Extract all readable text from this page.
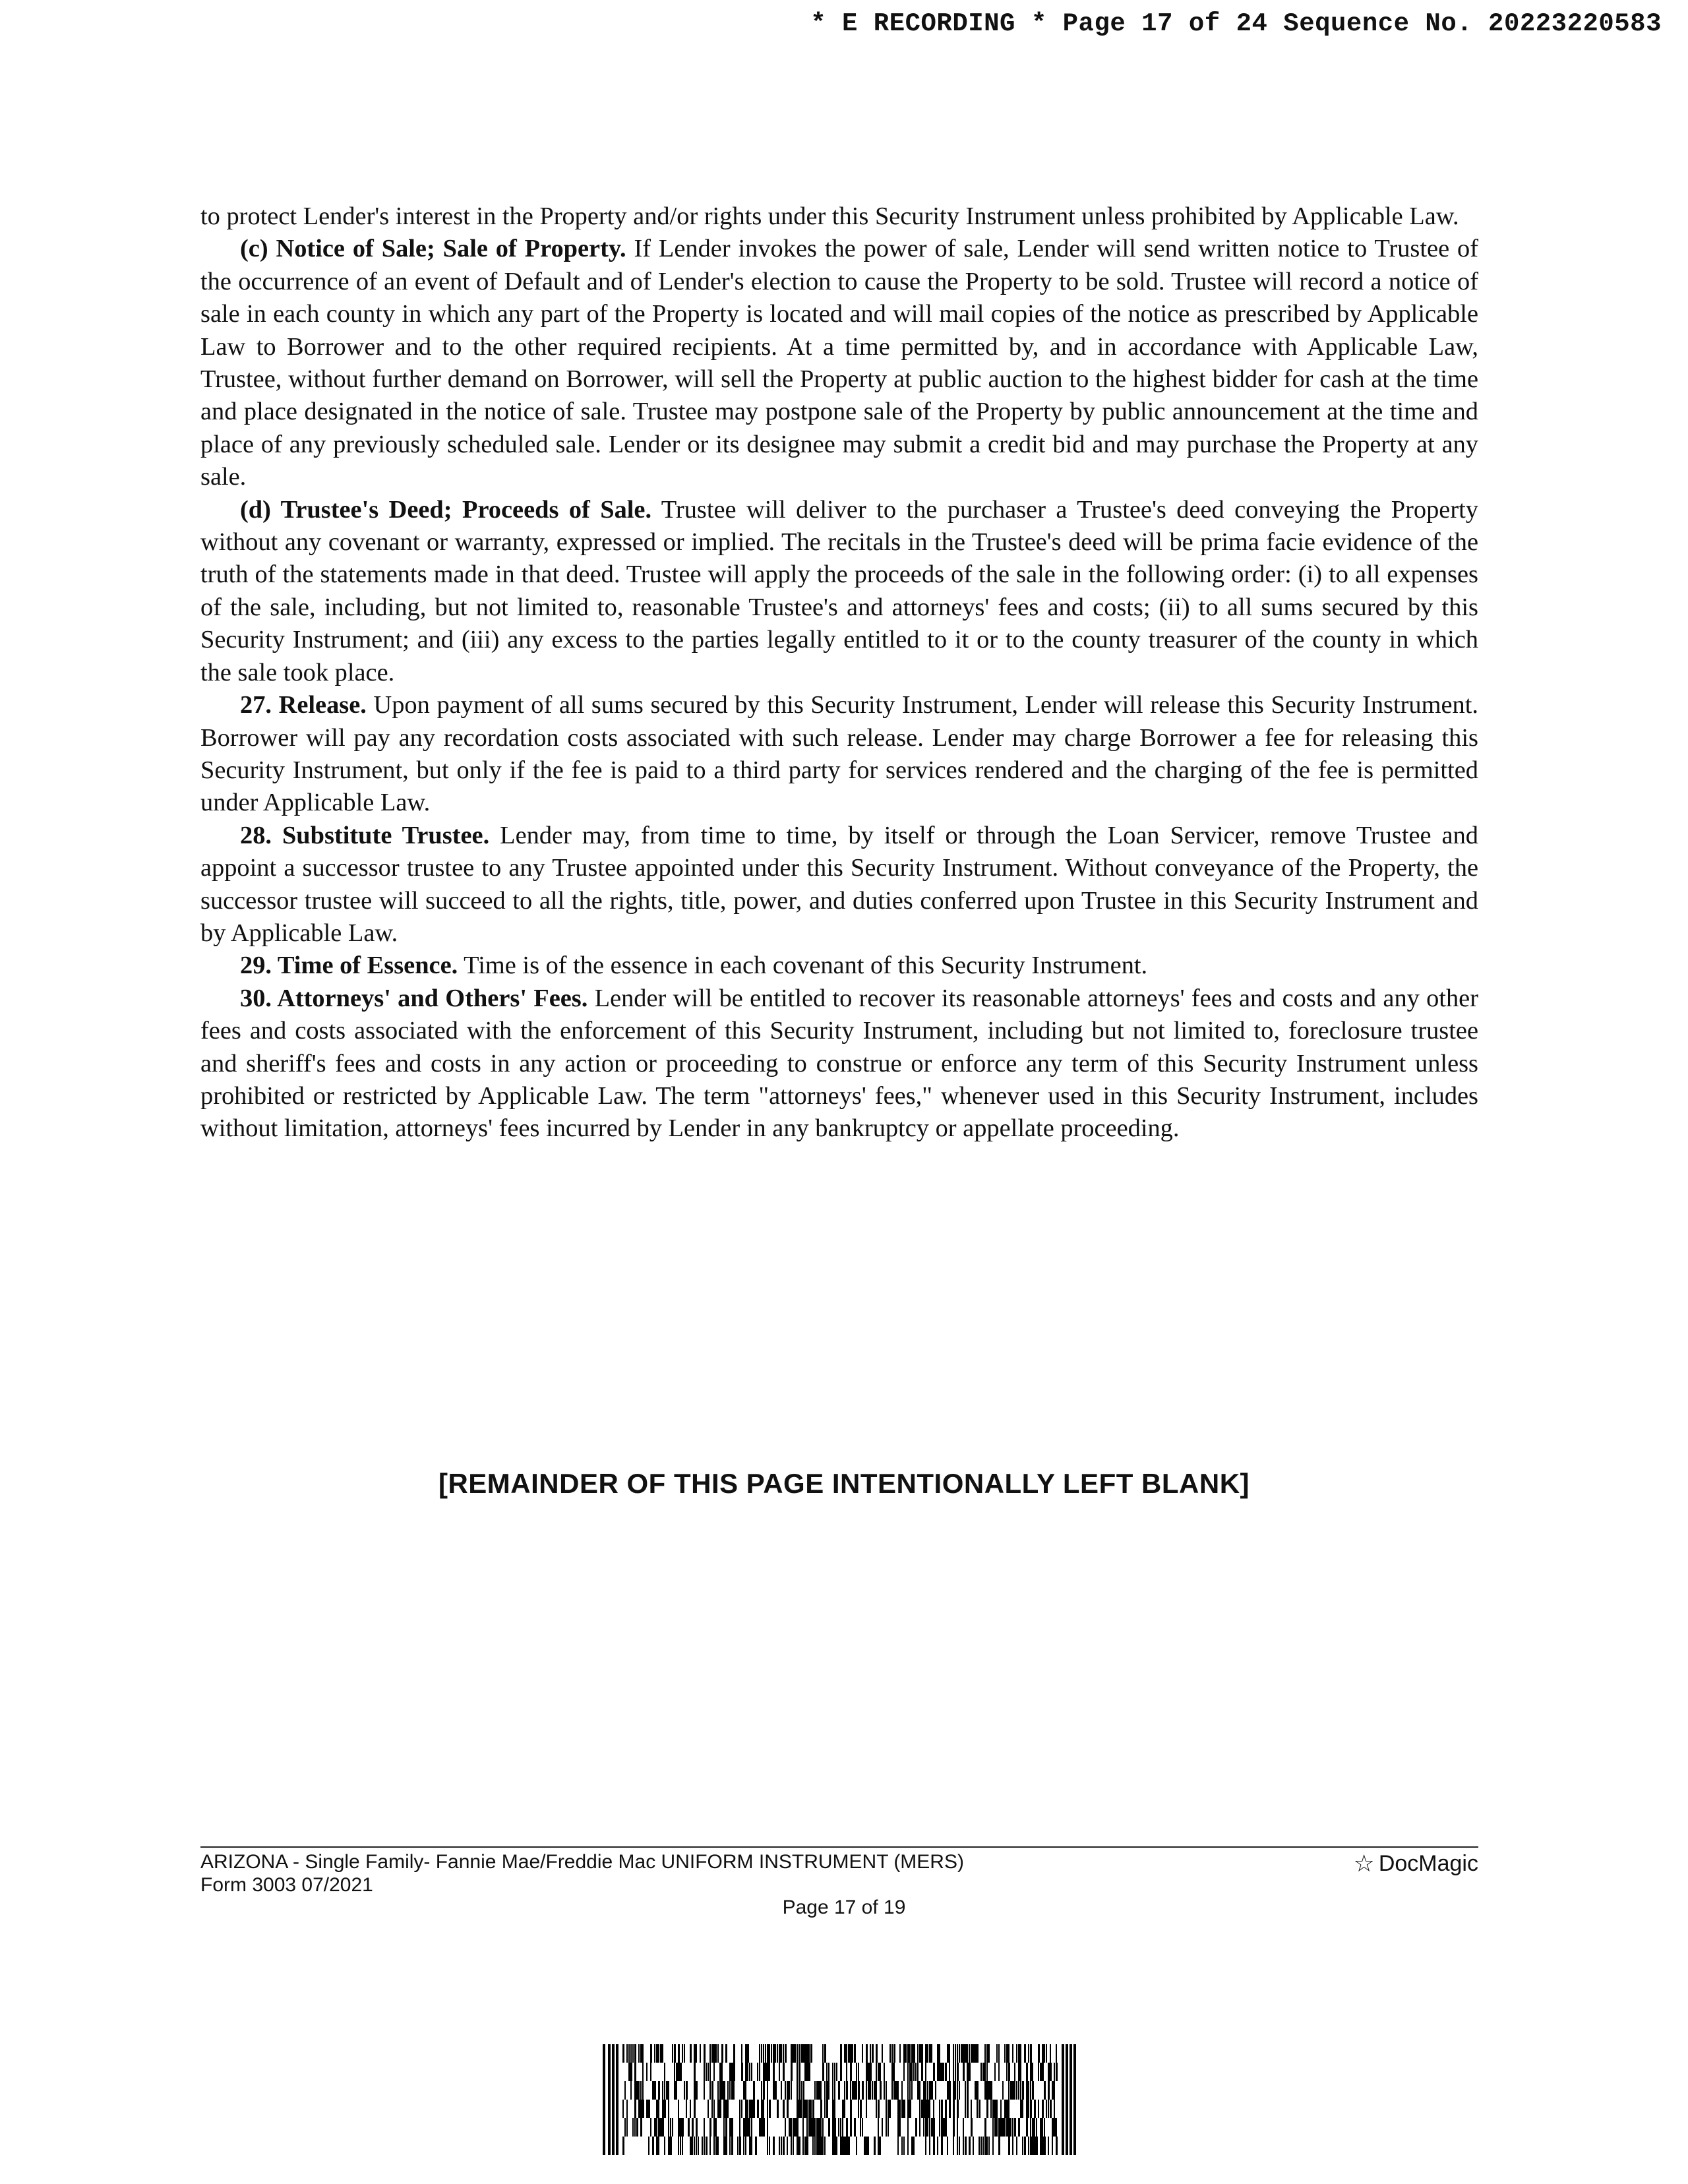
* E RECORDING * Page 17 of 24 Sequence No. 20223220583

to protect Lender's interest in the Property and/or rights under this Security Instrument unless prohibited by Applicable Law.

(c) Notice of Sale; Sale of Property. If Lender invokes the power of sale, Lender will send written notice to Trustee of the occurrence of an event of Default and of Lender's election to cause the Property to be sold. Trustee will record a notice of sale in each county in which any part of the Property is located and will mail copies of the notice as prescribed by Applicable Law to Borrower and to the other required recipients. At a time permitted by, and in accordance with Applicable Law, Trustee, without further demand on Borrower, will sell the Property at public auction to the highest bidder for cash at the time and place designated in the notice of sale. Trustee may postpone sale of the Property by public announcement at the time and place of any previously scheduled sale. Lender or its designee may submit a credit bid and may purchase the Property at any sale.

(d) Trustee's Deed; Proceeds of Sale. Trustee will deliver to the purchaser a Trustee's deed conveying the Property without any covenant or warranty, expressed or implied. The recitals in the Trustee's deed will be prima facie evidence of the truth of the statements made in that deed. Trustee will apply the proceeds of the sale in the following order: (i) to all expenses of the sale, including, but not limited to, reasonable Trustee's and attorneys' fees and costs; (ii) to all sums secured by this Security Instrument; and (iii) any excess to the parties legally entitled to it or to the county treasurer of the county in which the sale took place.

27. Release. Upon payment of all sums secured by this Security Instrument, Lender will release this Security Instrument. Borrower will pay any recordation costs associated with such release. Lender may charge Borrower a fee for releasing this Security Instrument, but only if the fee is paid to a third party for services rendered and the charging of the fee is permitted under Applicable Law.

28. Substitute Trustee. Lender may, from time to time, by itself or through the Loan Servicer, remove Trustee and appoint a successor trustee to any Trustee appointed under this Security Instrument. Without conveyance of the Property, the successor trustee will succeed to all the rights, title, power, and duties conferred upon Trustee in this Security Instrument and by Applicable Law.

29. Time of Essence. Time is of the essence in each covenant of this Security Instrument.

30. Attorneys' and Others' Fees. Lender will be entitled to recover its reasonable attorneys' fees and costs and any other fees and costs associated with the enforcement of this Security Instrument, including but not limited to, foreclosure trustee and sheriff's fees and costs in any action or proceeding to construe or enforce any term of this Security Instrument unless prohibited or restricted by Applicable Law. The term "attorneys' fees," whenever used in this Security Instrument, includes without limitation, attorneys' fees incurred by Lender in any bankruptcy or appellate proceeding.

[REMAINDER OF THIS PAGE INTENTIONALLY LEFT BLANK]
ARIZONA - Single Family- Fannie Mae/Freddie Mac UNIFORM INSTRUMENT (MERS)
Form 3003 07/2021
☆ DocMagic
Page 17 of 19
